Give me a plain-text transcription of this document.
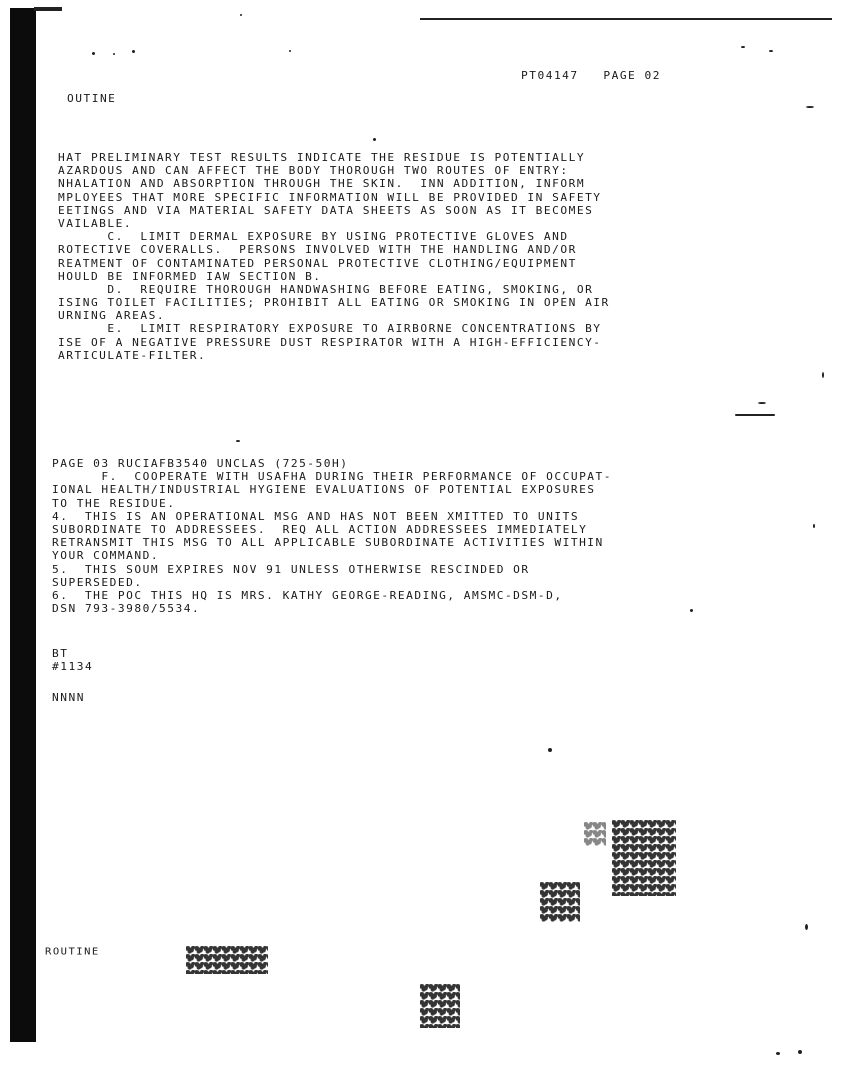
PT04147   PAGE 02
OUTINE
HAT PRELIMINARY TEST RESULTS INDICATE THE RESIDUE IS POTENTIALLY
AZARDOUS AND CAN AFFECT THE BODY THOROUGH TWO ROUTES OF ENTRY:
NHALATION AND ABSORPTION THROUGH THE SKIN.  INN ADDITION, INFORM
MPLOYEES THAT MORE SPECIFIC INFORMATION WILL BE PROVIDED IN SAFETY
EETINGS AND VIA MATERIAL SAFETY DATA SHEETS AS SOON AS IT BECOMES
VAILABLE.
C.  LIMIT DERMAL EXPOSURE BY USING PROTECTIVE GLOVES AND
ROTECTIVE COVERALLS.  PERSONS INVOLVED WITH THE HANDLING AND/OR
REATMENT OF CONTAMINATED PERSONAL PROTECTIVE CLOTHING/EQUIPMENT
HOULD BE INFORMED IAW SECTION B.
D.  REQUIRE THOROUGH HANDWASHING BEFORE EATING, SMOKING, OR
ISING TOILET FACILITIES; PROHIBIT ALL EATING OR SMOKING IN OPEN AIR
URNING AREAS.
E.  LIMIT RESPIRATORY EXPOSURE TO AIRBORNE CONCENTRATIONS BY
ISE OF A NEGATIVE PRESSURE DUST RESPIRATOR WITH A HIGH-EFFICIENCY-
ARTICULATE-FILTER.
PAGE 03 RUCIAFB3540 UNCLAS (725-50H)
F.  COOPERATE WITH USAFHA DURING THEIR PERFORMANCE OF OCCUPAT-
IONAL HEALTH/INDUSTRIAL HYGIENE EVALUATIONS OF POTENTIAL EXPOSURES
TO THE RESIDUE.
4.  THIS IS AN OPERATIONAL MSG AND HAS NOT BEEN XMITTED TO UNITS
SUBORDINATE TO ADDRESSEES.  REQ ALL ACTION ADDRESSEES IMMEDIATELY
RETRANSMIT THIS MSG TO ALL APPLICABLE SUBORDINATE ACTIVITIES WITHIN
YOUR COMMAND.
5.  THIS SOUM EXPIRES NOV 91 UNLESS OTHERWISE RESCINDED OR
SUPERSEDED.
6.  THE POC THIS HQ IS MRS. KATHY GEORGE-READING, AMSMC-DSM-D,
DSN 793-3980/5534.
BT
#1134
NNNN
ROUTINE
